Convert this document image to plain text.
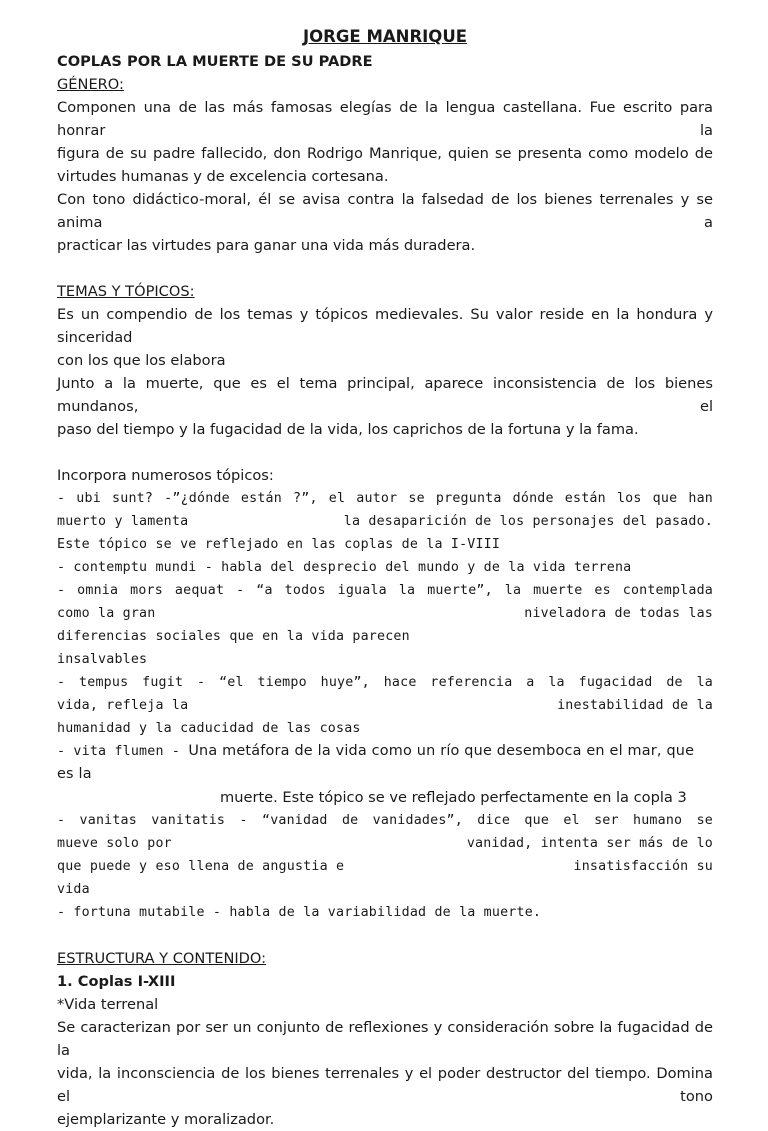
JORGE MANRIQUE

COPLAS POR LA MUERTE DE SU PADRE

GÉNERO:

Componen una de las más famosas elegías de la lengua castellana. Fue escrito para honrar la

figura de su padre fallecido, don Rodrigo Manrique, quien se presenta como modelo de

virtudes humanas y de excelencia cortesana.

Con tono didáctico-moral, él se avisa contra la falsedad de los bienes terrenales y se anima a

practicar las virtudes para ganar una vida más duradera.

TEMAS Y TÓPICOS:

Es un compendio de los temas y tópicos medievales. Su valor reside en la hondura y sinceridad

con los que los elabora

Junto a la muerte, que es el tema principal, aparece inconsistencia de los bienes mundanos, el

paso del tiempo y la fugacidad de la vida, los caprichos de la fortuna y la fama.

Incorpora numerosos tópicos:

- ubi sunt? -”¿dónde están ?”, el autor se pregunta dónde están los que han

muerto y lamenta	la desaparición de los personajes del pasado.

Este tópico se ve reflejado en las coplas de la I-VIII

- contemptu mundi - habla del desprecio del mundo y de la vida terrena

- omnia mors aequat - “a todos iguala la muerte”, la muerte es contemplada

como la gran	niveladora de todas las

diferencias sociales que en la vida parecen

insalvables

- tempus fugit - “el tiempo huye”, hace referencia a la fugacidad de la

vida, refleja la	inestabilidad de la

humanidad y la caducidad de las cosas

- vita flumen - Una metáfora de la vida como un río que desemboca en el mar, que es la

muerte. Este tópico se ve reflejado perfectamente en la copla 3

- vanitas vanitatis - “vanidad de vanidades”, dice que el ser humano se

mueve solo por	vanidad, intenta ser más de lo

que puede y eso llena de angustia e	insatisfacción su

vida

- fortuna mutabile - habla de la variabilidad de la muerte.

ESTRUCTURA Y CONTENIDO:

1. Coplas I-XIII

*Vida terrenal

Se caracterizan por ser un conjunto de reflexiones y consideración sobre la fugacidad de la

vida, la inconsciencia de los bienes terrenales y el poder destructor del tiempo. Domina el tono

ejemplarizante y moralizador.
